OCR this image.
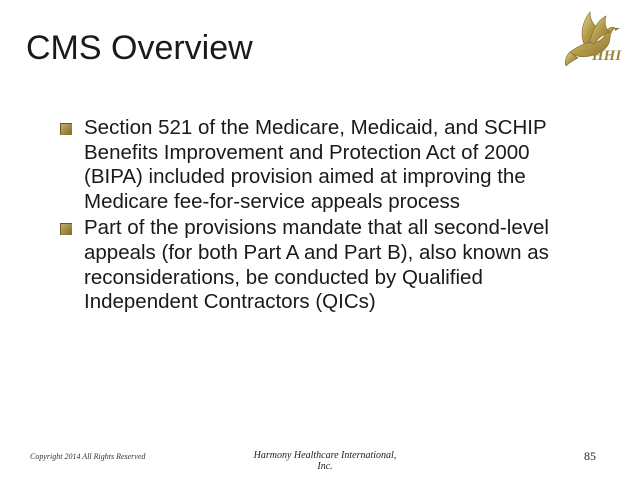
CMS Overview	HHI
Section 521 of the Medicare, Medicaid, and SCHIP Benefits Improvement and Protection Act of 2000 (BIPA) included provision aimed at improving the Medicare fee-for-service appeals process
Part of the provisions mandate that all second-level appeals (for both Part A and Part B), also known as reconsiderations, be conducted by Qualified Independent Contractors (QICs)
Copyright 2014 All Rights Reserved	Harmony Healthcare International, Inc.
85
